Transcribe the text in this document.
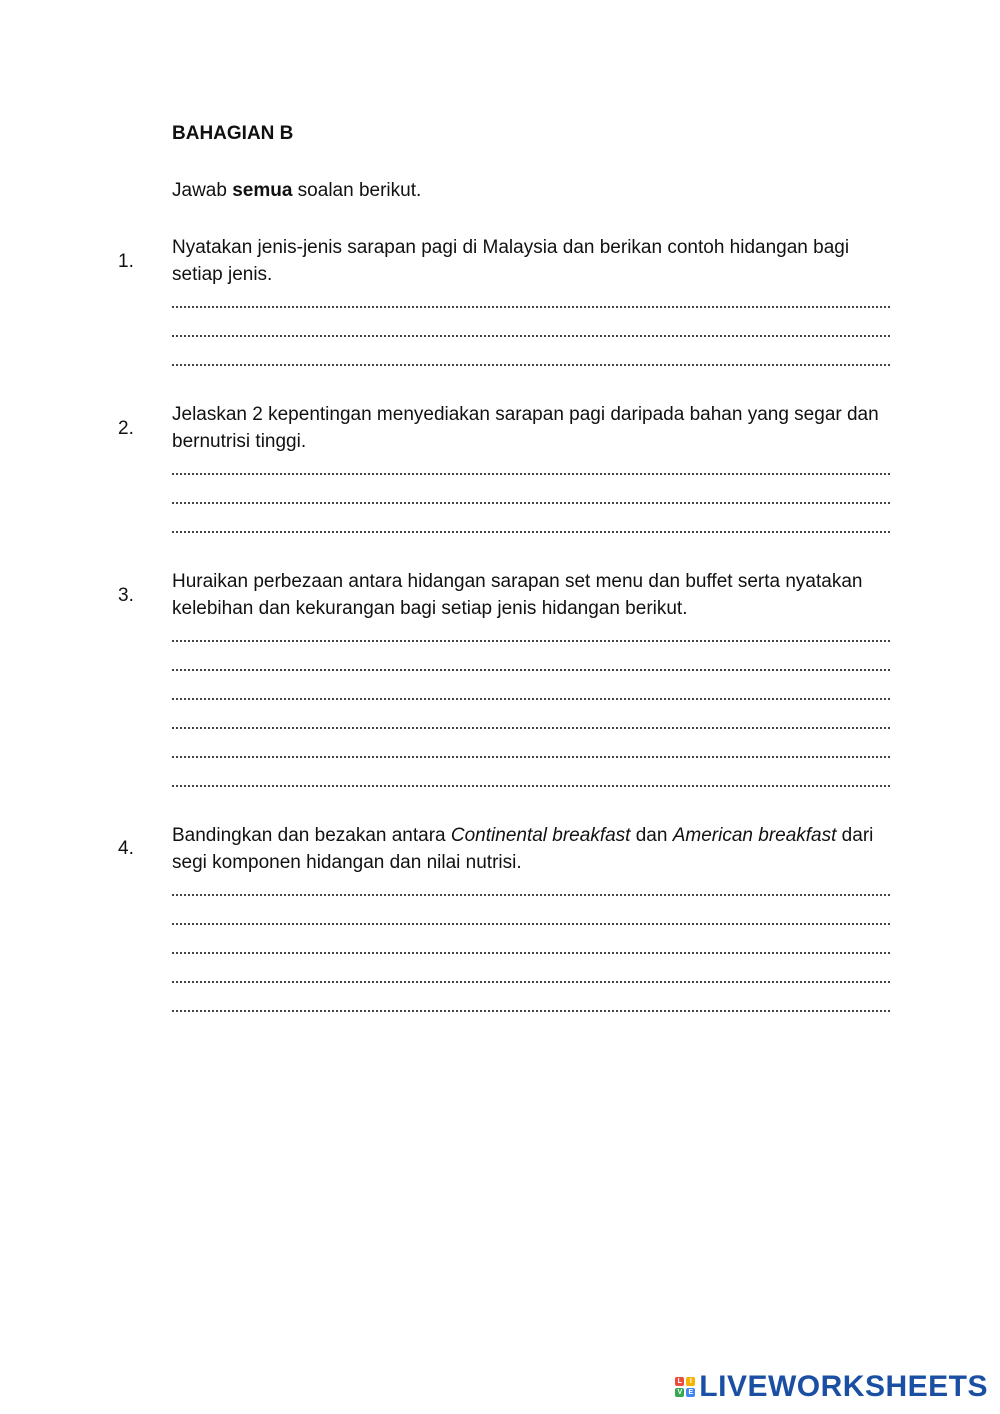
BAHAGIAN B
Jawab semua soalan berikut.
1.
Nyatakan jenis-jenis sarapan pagi di Malaysia dan berikan contoh hidangan bagi setiap jenis.
2.
Jelaskan 2 kepentingan menyediakan sarapan pagi daripada bahan yang segar dan bernutrisi tinggi.
3.
Huraikan perbezaan antara hidangan sarapan set menu dan buffet serta nyatakan kelebihan dan kekurangan bagi setiap jenis hidangan berikut.
4.
Bandingkan dan bezakan antara Continental breakfast dan American breakfast dari segi komponen hidangan dan nilai nutrisi.
L	I
V E LIVEWORKSHEETS
